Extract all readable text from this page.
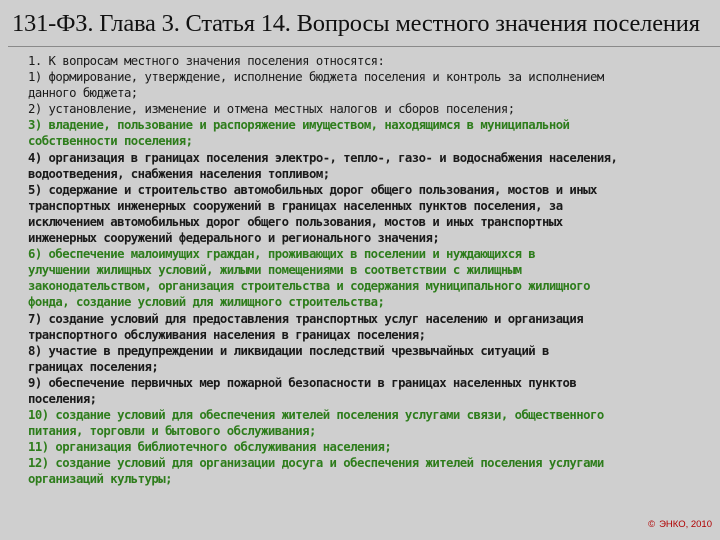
131-ФЗ. Глава 3. Статья 14. Вопросы местного значения поселения
1. К вопросам местного значения поселения относятся:
1) формирование, утверждение, исполнение бюджета поселения и контроль за исполнением
данного бюджета;
2) установление, изменение и отмена местных налогов и сборов поселения;
3) владение, пользование и распоряжение имуществом, находящимся в муниципальной
собственности поселения;
4) организация в границах поселения электро-, тепло-, газо- и водоснабжения населения,
водоотведения, снабжения населения топливом;
5) содержание и строительство автомобильных дорог общего пользования, мостов и иных
транспортных инженерных сооружений в границах населенных пунктов поселения, за
исключением автомобильных дорог общего пользования, мостов и иных транспортных
инженерных сооружений федерального и регионального значения;
6) обеспечение малоимущих граждан, проживающих в поселении и нуждающихся в
улучшении жилищных условий, жилыми помещениями в соответствии с жилищным
законодательством, организация строительства и содержания муниципального жилищного
фонда, создание условий для жилищного строительства;
7) создание условий для предоставления транспортных услуг населению и организация
транспортного обслуживания населения в границах поселения;
8) участие в предупреждении и ликвидации последствий чрезвычайных ситуаций в
границах поселения;
9) обеспечение первичных мер пожарной безопасности в границах населенных пунктов
поселения;
10) создание условий для обеспечения жителей поселения услугами связи, общественного
питания, торговли и бытового обслуживания;
11) организация библиотечного обслуживания населения;
12) создание условий для организации досуга и обеспечения жителей поселения услугами
организаций культуры;
© ЭНКО, 2010
